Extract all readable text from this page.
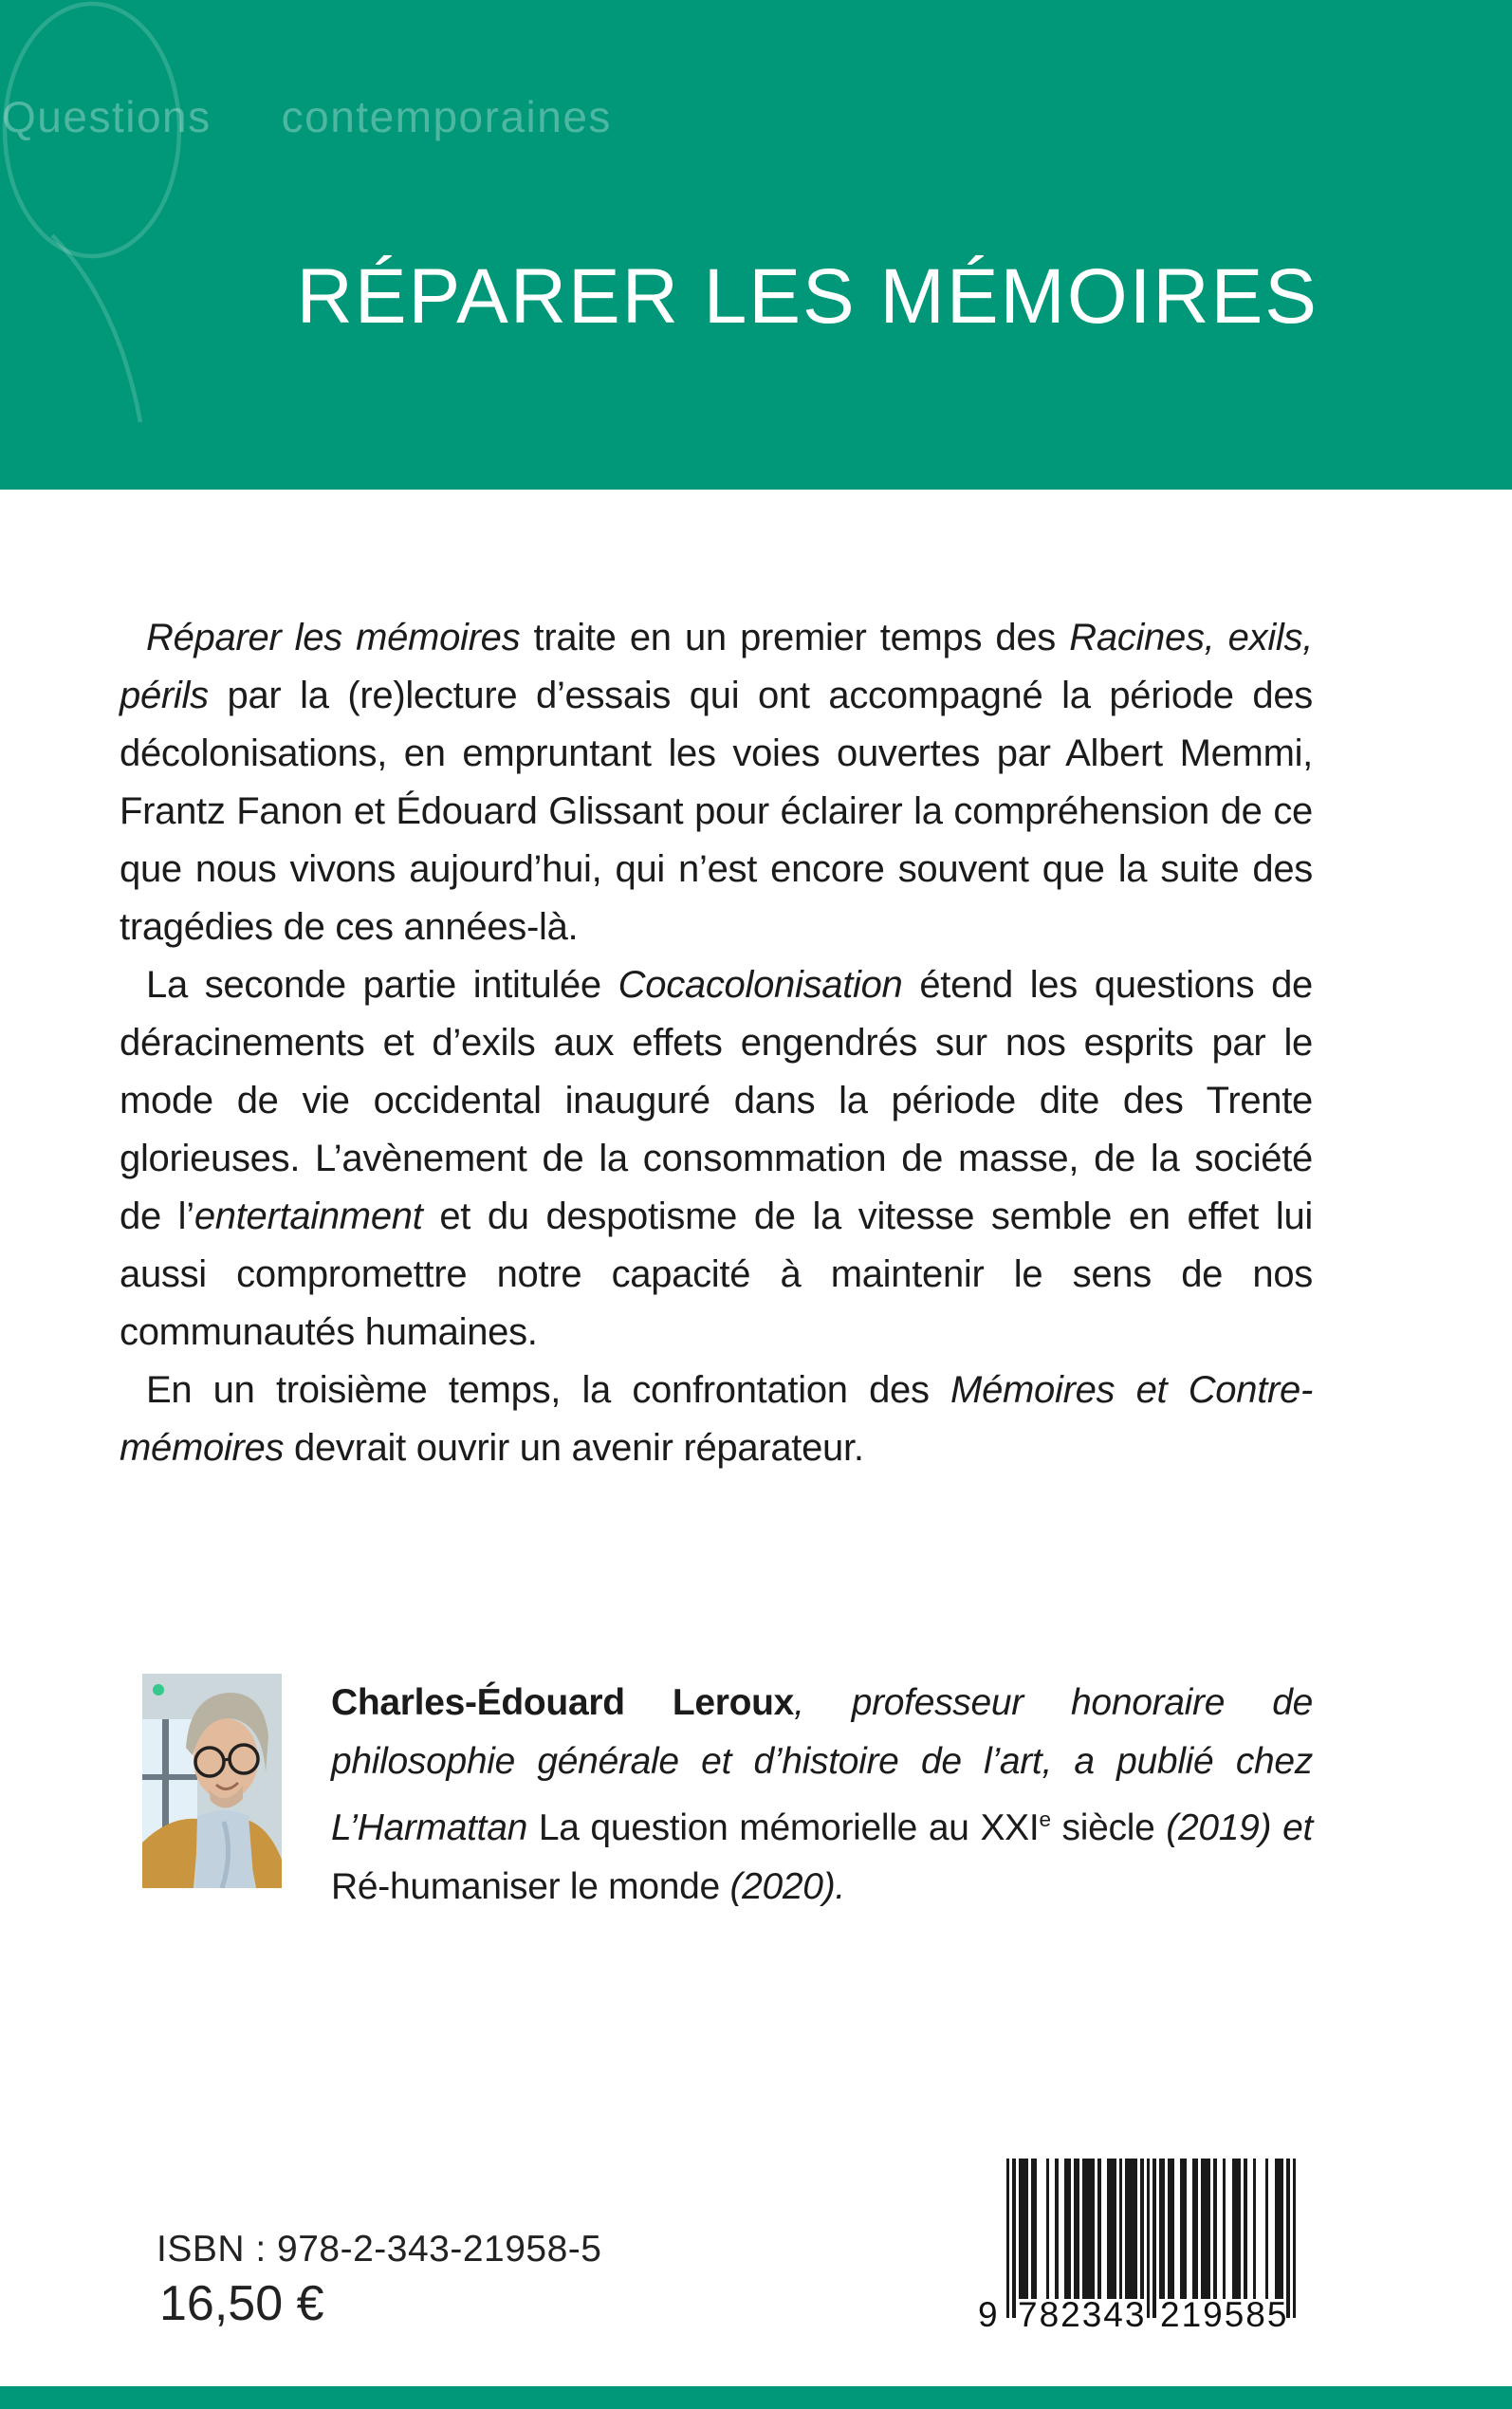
Questions contemporaines
RÉPARER LES MÉMOIRES

Réparer les mémoires traite en un premier temps des Racines, exils, périls par la (re)lecture d’essais qui ont accompagné la période des décolonisations, en empruntant les voies ouvertes par Albert Memmi, Frantz Fanon et Édouard Glissant pour éclairer la compréhension de ce que nous vivons aujourd’hui, qui n’est encore souvent que la suite des tragédies de ces années-là.

La seconde partie intitulée Cocacolonisation étend les questions de déracinements et d’exils aux effets engendrés sur nos esprits par le mode de vie occidental inauguré dans la période dite des Trente glorieuses. L’avènement de la consommation de masse, de la société de l’entertainment et du despotisme de la vitesse semble en effet lui aussi compromettre notre capacité à maintenir le sens de nos communautés humaines.

En un troisième temps, la confrontation des Mémoires et Contre-mémoires devrait ouvrir un avenir réparateur.

Charles-Édouard Leroux, professeur honoraire de philosophie générale et d’histoire de l’art, a publié chez L’Harmattan La question mémorielle au XXIe siècle (2019) et Ré-humaniser le monde (2020).
ISBN : 978-2-343-21958-5
16,50 €	9 782343 219585
